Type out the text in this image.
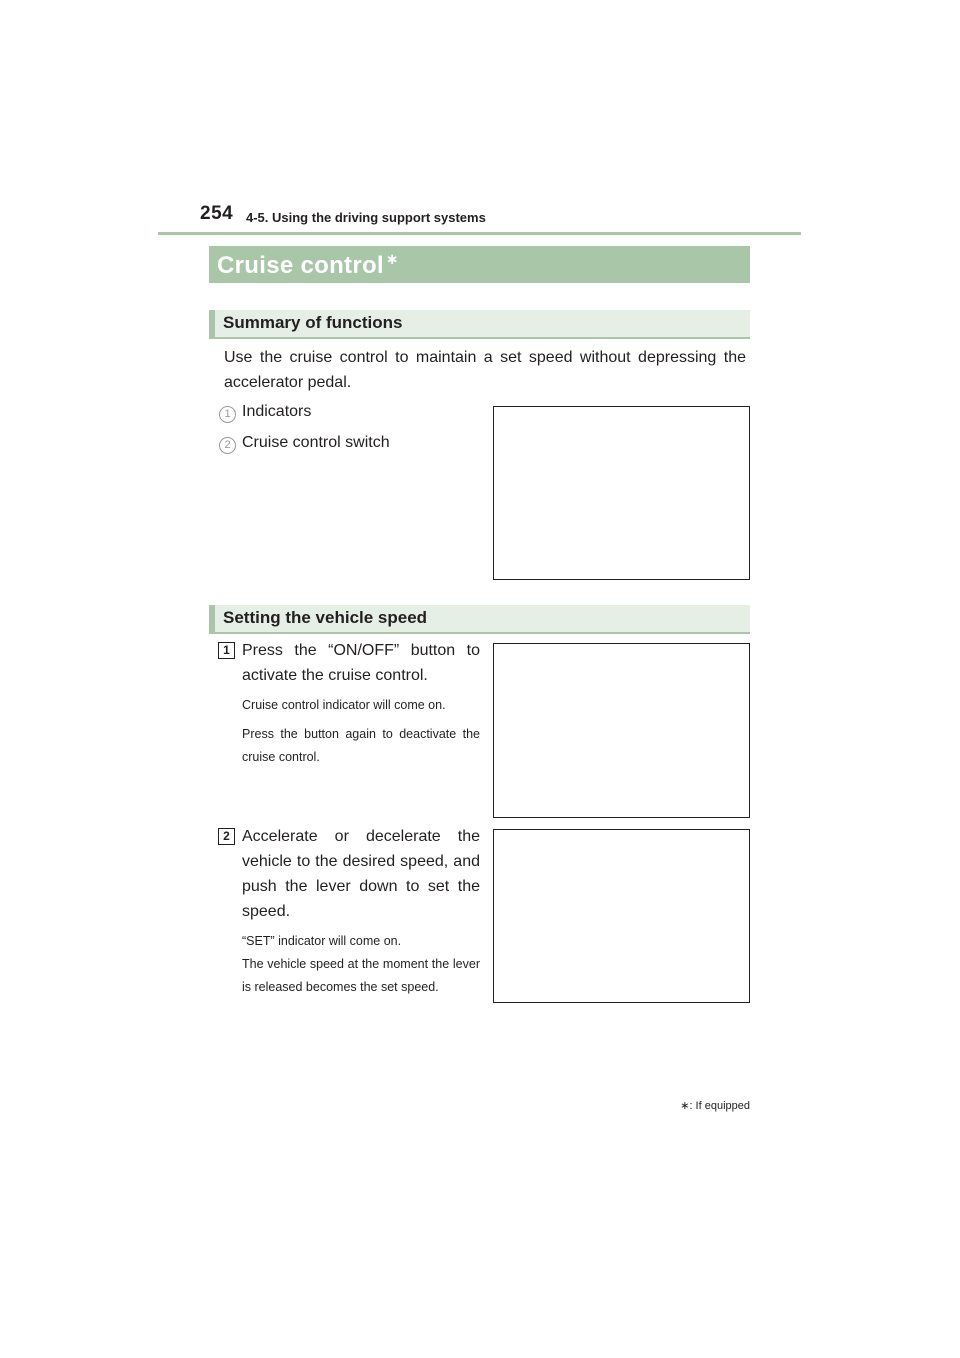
254 4-5. Using the driving support systems
Cruise control ∗
Summary of functions
Use the cruise control to maintain a set speed without depressing the accelerator pedal.
1 Indicators
2 Cruise control switch
Setting the vehicle speed
1 Press the “ON/OFF” button to activate the cruise control.
Cruise control indicator will come on.
Press the button again to deactivate the cruise control.
2 Accelerate or decelerate the vehicle to the desired speed, and push the lever down to set the speed.
“SET” indicator will come on.
The vehicle speed at the moment the lever is released becomes the set speed.
∗: If equipped
